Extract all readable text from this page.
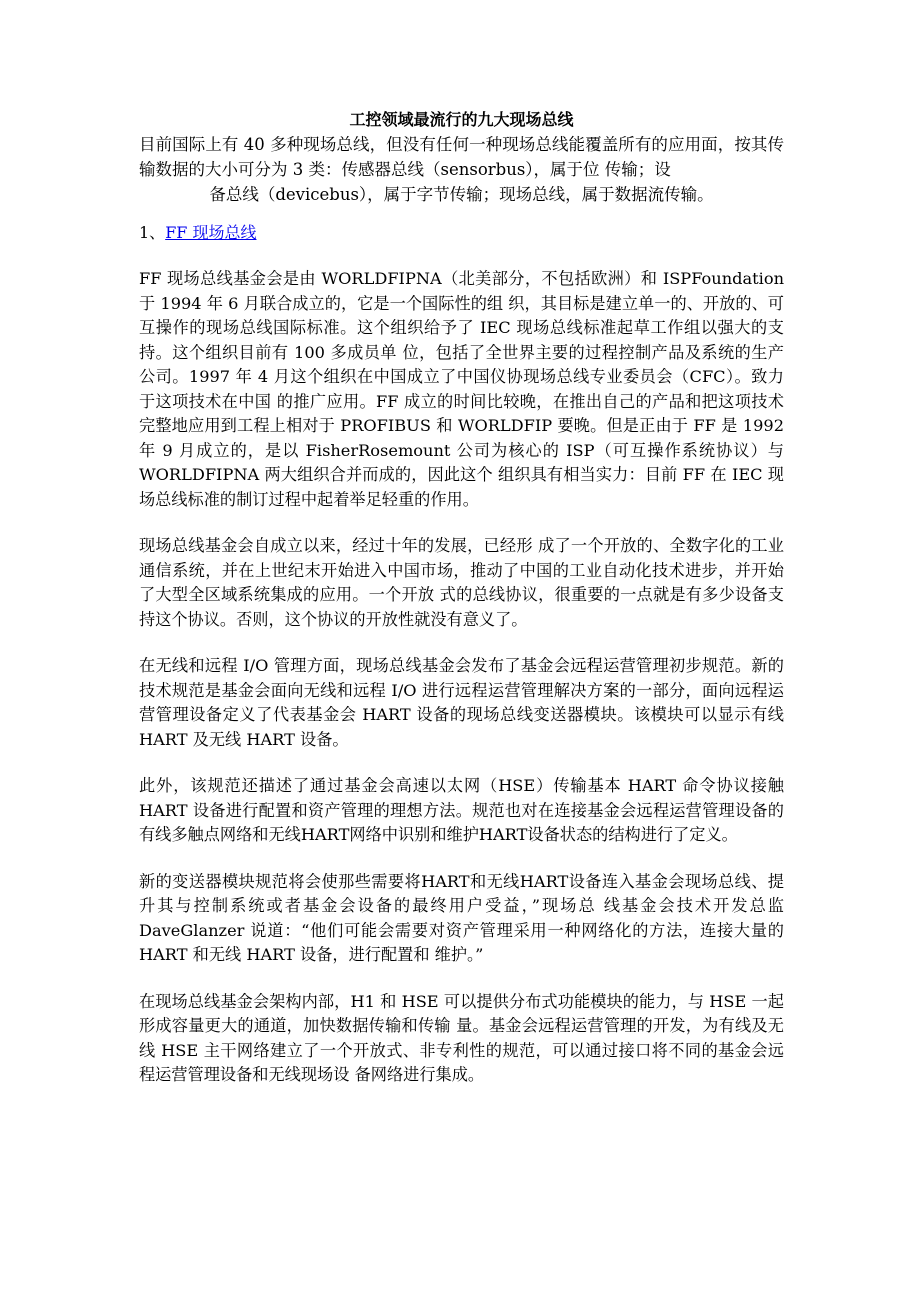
工控领域最流行的九大现场总线

目前国际上有 40 多种现场总线，但没有任何一种现场总线能覆盖所有的应用面，按其传输数据的大小可分为 3 类：传感器总线（sensorbus），属于位 传输；设
备总线（devicebus），属于字节传输；现场总线，属于数据流传输。

1、FF 现场总线

FF 现场总线基金会是由 WORLDFIPNA（北美部分，不包括欧洲）和 ISPFoundation 于 1994 年 6 月联合成立的，它是一个国际性的组 织，其目标是建立单一的、开放的、可互操作的现场总线国际标准。这个组织给予了 IEC 现场总线标准起草工作组以强大的支持。这个组织目前有 100 多成员单 位，包括了全世界主要的过程控制产品及系统的生产公司。1997 年 4 月这个组织在中国成立了中国仪协现场总线专业委员会（CFC）。致力于这项技术在中国 的推广应用。FF 成立的时间比较晚，在推出自己的产品和把这项技术完整地应用到工程上相对于 PROFIBUS 和 WORLDFIP 要晚。但是正由于 FF 是 1992 年 9 月成立的，是以 FisherRosemount 公司为核心的 ISP（可互操作系统协议）与 WORLDFIPNA 两大组织合并而成的，因此这个 组织具有相当实力：目前 FF 在 IEC 现场总线标准的制订过程中起着举足轻重的作用。

现场总线基金会自成立以来，经过十年的发展，已经形 成了一个开放的、全数字化的工业通信系统，并在上世纪末开始进入中国市场，推动了中国的工业自动化技术进步，并开始了大型全区域系统集成的应用。一个开放 式的总线协议，很重要的一点就是有多少设备支持这个协议。否则，这个协议的开放性就没有意义了。

在无线和远程 I/O 管理方面，现场总线基金会发布了基金会远程运营管理初步规范。新的技术规范是基金会面向无线和远程 I/O 进行远程运营管理解决方案的一部分，面向远程运营管理设备定义了代表基金会 HART 设备的现场总线变送器模块。该模块可以显示有线 HART 及无线 HART 设备。

此外，该规范还描述了通过基金会高速以太网（HSE）传输基本 HART 命令协议接触 HART 设备进行配置和资产管理的理想方法。规范也对在连接基金会远程运营管理设备的有线多触点网络和无线HART网络中识别和维护HART设备状态的结构进行了定义。

新的变送器模块规范将会使那些需要将HART和无线HART设备连入基金会现场总线、提升其与控制系统或者基金会设备的最终用户受益，”现场总 线基金会技术开发总监 DaveGlanzer 说道：“他们可能会需要对资产管理采用一种网络化的方法，连接大量的 HART 和无线 HART 设备，进行配置和 维护。”

在现场总线基金会架构内部，H1 和 HSE 可以提供分布式功能模块的能力，与 HSE 一起形成容量更大的通道，加快数据传输和传输 量。基金会远程运营管理的开发，为有线及无线 HSE 主干网络建立了一个开放式、非专利性的规范，可以通过接口将不同的基金会远程运营管理设备和无线现场设 备网络进行集成。
